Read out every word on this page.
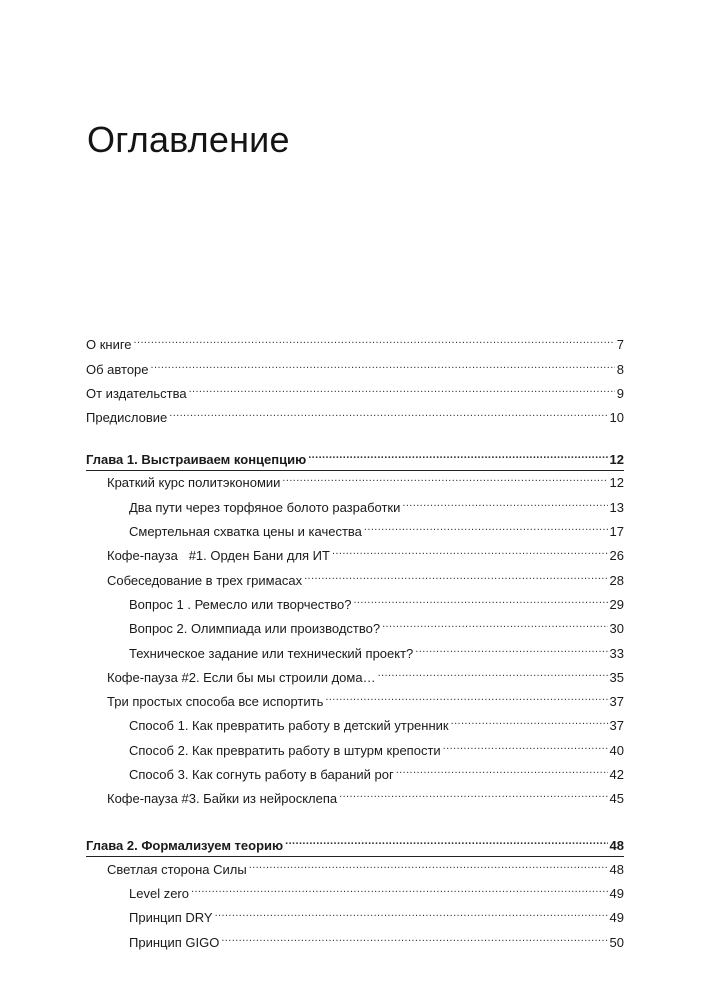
Оглавление
О книге .....	7
Об авторе .....	8
От издательства .....	9
Предисловие .....	10
Глава 1. Выстраиваем концепцию .....	12
Краткий курс политэкономии .....	12
Два пути через торфяное болото разработки .....	13
Смертельная схватка цены и качества .....	17
Кофе-пауза   #1. Орден Бани для ИТ .....	26
Собеседование в трех гримасах .....	28
Вопрос 1 . Ремесло или творчество? .....	29
Вопрос 2. Олимпиада или производство? .....	30
Техническое задание или технический проект? .....	33
Кофе-пауза #2. Если бы мы строили дома… .....	35
Три простых способа все испортить .....	37
Способ 1. Как превратить работу в детский утренник .....	37
Способ 2. Как превратить работу в штурм крепости .....	40
Способ 3. Как согнуть работу в бараний рог .....	42
Кофе-пауза #3. Байки из нейросклепа .....	45
Глава 2. Формализуем теорию .....	48
Светлая сторона Силы .....	48
Level zero .....	49
Принцип DRY .....	49
Принцип GIGO .....	50
